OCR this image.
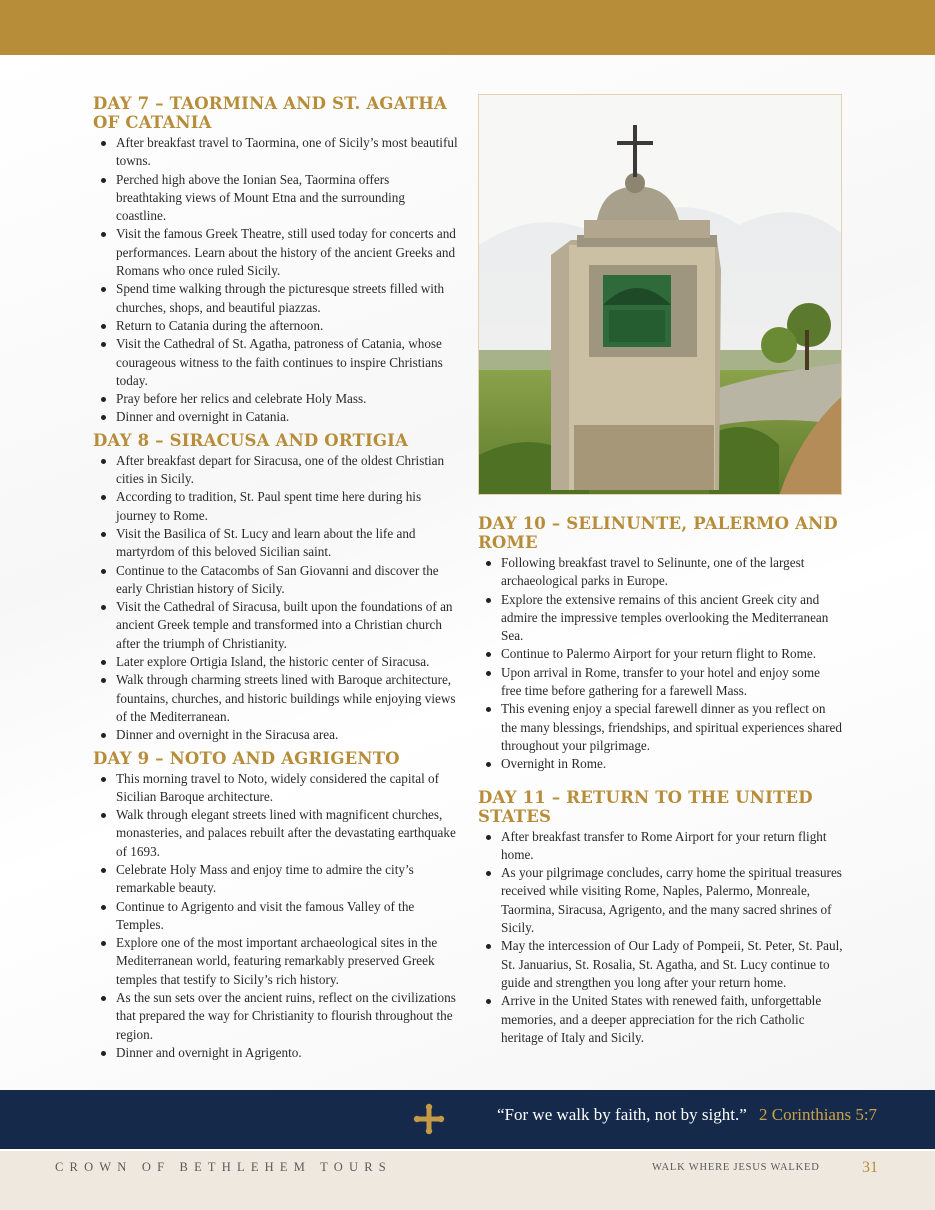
DAY 7 – TAORMINA AND ST. AGATHA OF CATANIA
After breakfast travel to Taormina, one of Sicily’s most beautiful towns.
Perched high above the Ionian Sea, Taormina offers breathtaking views of Mount Etna and the surrounding coastline.
Visit the famous Greek Theatre, still used today for concerts and performances. Learn about the history of the ancient Greeks and Romans who once ruled Sicily.
Spend time walking through the picturesque streets filled with churches, shops, and beautiful piazzas.
Return to Catania during the afternoon.
Visit the Cathedral of St. Agatha, patroness of Catania, whose courageous witness to the faith continues to inspire Christians today.
Pray before her relics and celebrate Holy Mass.
Dinner and overnight in Catania.
DAY 8 – SIRACUSA AND ORTIGIA
After breakfast depart for Siracusa, one of the oldest Christian cities in Sicily.
According to tradition, St. Paul spent time here during his journey to Rome.
Visit the Basilica of St. Lucy and learn about the life and martyrdom of this beloved Sicilian saint.
Continue to the Catacombs of San Giovanni and discover the early Christian history of Sicily.
Visit the Cathedral of Siracusa, built upon the foundations of an ancient Greek temple and transformed into a Christian church after the triumph of Christianity.
Later explore Ortigia Island, the historic center of Siracusa.
Walk through charming streets lined with Baroque architecture, fountains, churches, and historic buildings while enjoying views of the Mediterranean.
Dinner and overnight in the Siracusa area.
DAY 9 – NOTO AND AGRIGENTO
This morning travel to Noto, widely considered the capital of Sicilian Baroque architecture.
Walk through elegant streets lined with magnificent churches, monasteries, and palaces rebuilt after the devastating earthquake of 1693.
Celebrate Holy Mass and enjoy time to admire the city’s remarkable beauty.
Continue to Agrigento and visit the famous Valley of the Temples.
Explore one of the most important archaeological sites in the Mediterranean world, featuring remarkably preserved Greek temples that testify to Sicily’s rich history.
As the sun sets over the ancient ruins, reflect on the civilizations that prepared the way for Christianity to flourish throughout the region.
Dinner and overnight in Agrigento.
DAY 10 – SELINUNTE, PALERMO AND ROME
Following breakfast travel to Selinunte, one of the largest archaeological parks in Europe.
Explore the extensive remains of this ancient Greek city and admire the impressive temples overlooking the Mediterranean Sea.
Continue to Palermo Airport for your return flight to Rome.
Upon arrival in Rome, transfer to your hotel and enjoy some free time before gathering for a farewell Mass.
This evening enjoy a special farewell dinner as you reflect on the many blessings, friendships, and spiritual experiences shared throughout your pilgrimage.
Overnight in Rome.
DAY 11 – RETURN TO THE UNITED STATES
After breakfast transfer to Rome Airport for your return flight home.
As your pilgrimage concludes, carry home the spiritual treasures received while visiting Rome, Naples, Palermo, Monreale, Taormina, Siracusa, Agrigento, and the many sacred shrines of Sicily.
May the intercession of Our Lady of Pompeii, St. Peter, St. Paul, St. Januarius, St. Rosalia, St. Agatha, and St. Lucy continue to guide and strengthen you long after your return home.
Arrive in the United States with renewed faith, unforgettable memories, and a deeper appreciation for the rich Catholic heritage of Italy and Sicily.
“For we walk by faith, not by sight.” 2 Corinthians 5:7
CROWN OF BETHLEHEM TOURS	WALK WHERE JESUS WALKED	31
